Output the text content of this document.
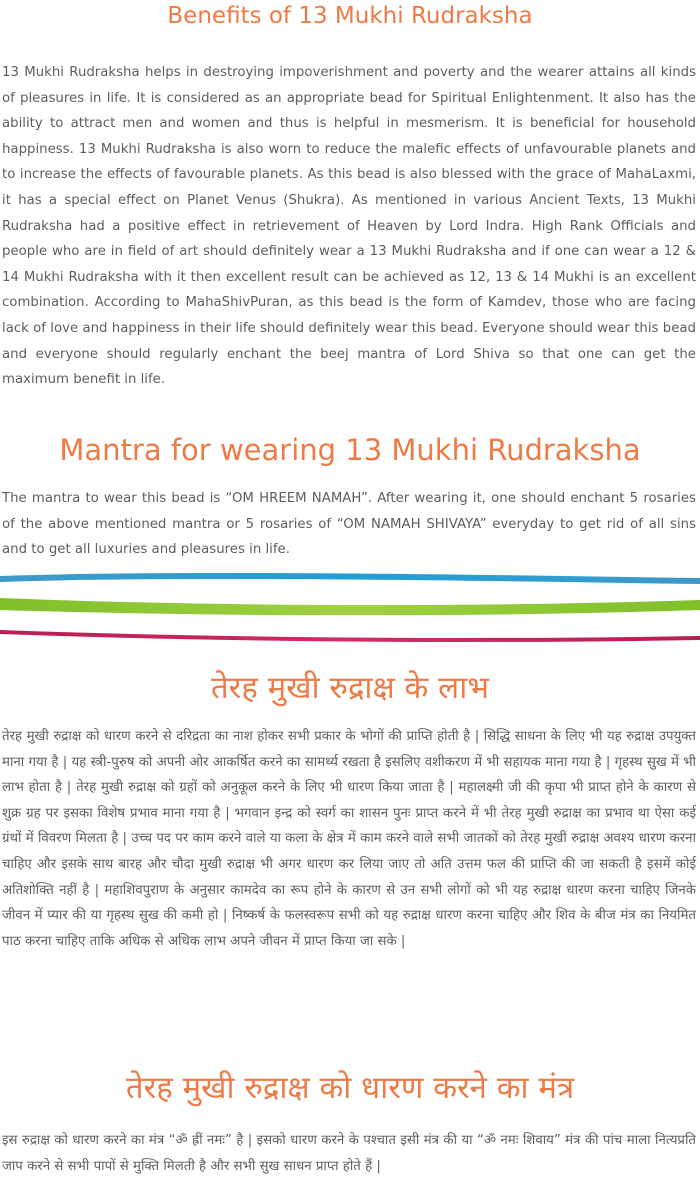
Benefits of 13 Mukhi Rudraksha

13 Mukhi Rudraksha helps in destroying impoverishment and poverty and the wearer attains all kinds of pleasures in life. It is considered as an appropriate bead for Spiritual Enlightenment. It also has the ability to attract men and women and thus is helpful in mesmerism. It is beneficial for household happiness. 13 Mukhi Rudraksha is also worn to reduce the malefic effects of unfavourable planets and to increase the effects of favourable planets. As this bead is also blessed with the grace of MahaLaxmi, it has a special effect on Planet Venus (Shukra). As mentioned in various Ancient Texts, 13 Mukhi Rudraksha had a positive effect in retrievement of Heaven by Lord Indra. High Rank Officials and people who are in field of art should definitely wear a 13 Mukhi Rudraksha and if one can wear a 12 & 14 Mukhi Rudraksha with it then excellent result can be achieved as 12, 13 & 14 Mukhi is an excellent combination. According to MahaShivPuran, as this bead is the form of Kamdev, those who are facing lack of love and happiness in their life should definitely wear this bead. Everyone should wear this bead and everyone should regularly enchant the beej mantra of Lord Shiva so that one can get the maximum benefit in life.

Mantra for wearing 13 Mukhi Rudraksha

The mantra to wear this bead is “OM HREEM NAMAH”. After wearing it, one should enchant 5 rosaries of the above mentioned mantra or 5 rosaries of “OM NAMAH SHIVAYA” everyday to get rid of all sins and to get all luxuries and pleasures in life.

तेरह मुखी रुद्राक्ष के लाभ

तेरह मुखी रुद्राक्ष को धारण करने से दरिद्रता का नाश होकर सभी प्रकार के भोगों की प्राप्ति होती है | सिद्धि साधना के लिए भी यह रुद्राक्ष उपयुक्त माना गया है | यह स्त्री-पुरुष को अपनी ओर आकर्षित करने का सामर्थ्य रखता है इसलिए वशीकरण में भी सहायक माना गया है | गृहस्थ सुख में भी लाभ होता है | तेरह मुखी रुद्राक्ष को ग्रहों को अनुकूल करने के लिए भी धारण किया जाता है | महालक्ष्मी जी की कृपा भी प्राप्त होने के कारण से शुक्र ग्रह पर इसका विशेष प्रभाव माना गया है | भगवान इन्द्र को स्वर्ग का शासन पुनः प्राप्त करने में भी तेरह मुखी रुद्राक्ष का प्रभाव था ऐसा कई ग्रंथों में विवरण मिलता है | उच्च पद पर काम करने वाले या कला के क्षेत्र में काम करने वाले सभी जातकों को तेरह मुखी रुद्राक्ष अवश्य धारण करना चाहिए और इसके साथ बारह और चौदा मुखी रुद्राक्ष भी अगर धारण कर लिया जाए तो अति उत्तम फल की प्राप्ति की जा सकती है इसमें कोई अतिशोक्ति नहीं है | महाशिवपुराण के अनुसार कामदेव का रूप होने के कारण से उन सभी लोगों को भी यह रुद्राक्ष धारण करना चाहिए जिनके जीवन में प्यार की या गृहस्थ सुख की कमी हो | निष्कर्ष के फलस्वरूप सभी को यह रुद्राक्ष धारण करना चाहिए और शिव के बीज मंत्र का नियमित पाठ करना चाहिए ताकि अधिक से अधिक लाभ अपने जीवन में प्राप्त किया जा सके |

तेरह मुखी रुद्राक्ष को धारण करने का मंत्र

इस रुद्राक्ष को धारण करने का मंत्र “ॐ ह्रीं नमः” है | इसको धारण करने के पश्चात इसी मंत्र की या “ॐ नमः शिवाय” मंत्र की पांच माला नित्यप्रति जाप करने से सभी पापों से मुक्ति मिलती है और सभी सुख साधन प्राप्त होते हैं |
